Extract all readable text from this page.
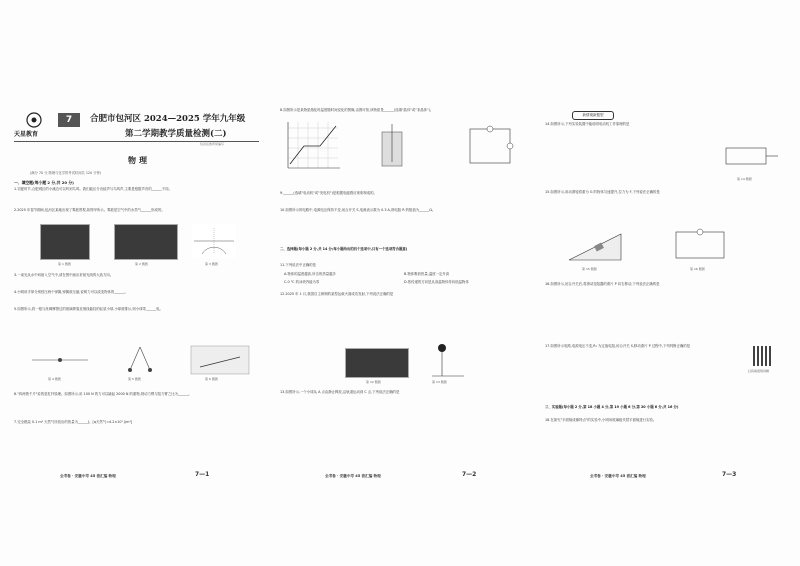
天星教育
7	合肥市包河区 2024—2025 学年九年级
第二学期教学质量检测(二)
包河区教育局编写
物理
(满分 70 分,物理与化学的考试时间共 120 分钟)
一、填空题(每小题 2 分,共 20 分)
1.初夏时节,合肥城区的小溪边可以听到鸟鸣。我们能区分出蛙声与鸟鸣声,主要是根据声音的______不同。
2.2025 年春节期间,包河区某地出现了雾凇景观,如图甲所示。雾凇是空气中的水蒸气______形成的。
第 1 题图	第 2 题图	第 3 题图
3.一束光从水中斜射入空气中,请在图中画出折射光线的大致方向。
4.小明用手掌分别按压两个弹簧,弹簧被压缩,说明力可以改变物体的______。
5.如图所示,将一根与丝绸摩擦过的玻璃棒靠近细线悬挂的轻质小球,小球被排斥,则小球带______电。
第 4 题图	第 5 题图	第 6 题图
6."四两拨千斤"说的是杠杆原理。如图所示,用 100 N 的力可以撬起 2000 N 的重物,则动力臂与阻力臂之比为______。
7.完全燃烧 0.1 m³ 天然气所放出的热量为______J。[q天然气=4.2×10⁷ J/m³]
全考卷 · 安徽中考 45 套汇编 物理	7—1
8.如图所示是某物质熔化时温度随时间变化的图像,由图可知,该物质是______(选填"晶体"或"非晶体")。
9.______(选填"电动机"或"发电机")是根据电磁感应现象制成的。
10.如图所示的电路中,电源电压保持不变,闭合开关 S,电流表示数为 0.3 A,则电阻 R 的阻值为______Ω。
二、选择题(每小题 2 分,共 14 分;每小题给出的四个选项中,只有一个选项符合题意)
11.下列说法中正确的是
A.物体的温度越高,所含的热量越多	B.物体吸收热量,温度一定升高
C.0 ℃ 的冰块内能为零	D.热传递的方向是从高温物体传向低温物体
12.2025 年 1 月,我国自主研制的某型运载火箭成功发射,下列说法正确的是
第 12 题图	第 13 题图
13.如图所示,一个小球从 A 点由静止释放,沿轨道运动到 C 点,下列说法正确的是
全考卷 · 安徽中考 45 套汇编 物理	7—2
新情境新题型
14.如图所示,下列实验装置中能说明电动机工作原理的是
第 14 题图
15.如图所示,用动滑轮将重为 G 的物体匀速提升,拉力为 F,下列说法正确的是
第 15 题图	第 16 题图
16.如图所示,闭合开关后,将滑动变阻器的滑片 P 向右移动,下列说法正确的是
17.如图所示电路,电源电压不变,R₁ 为定值电阻,闭合开关 S,移动滑片 P 过程中,下列判断正确的是
扫码看视频讲解
三、实验题(每小题 2 分,第 18 小题 4 分,第 19 小题 6 分,第 20 小题 6 分,共 16 分)
18.在探究"平面镜成像特点"的实验中,小明用玻璃板代替平面镜进行实验。
全考卷 · 安徽中考 45 套汇编 物理	7—3
